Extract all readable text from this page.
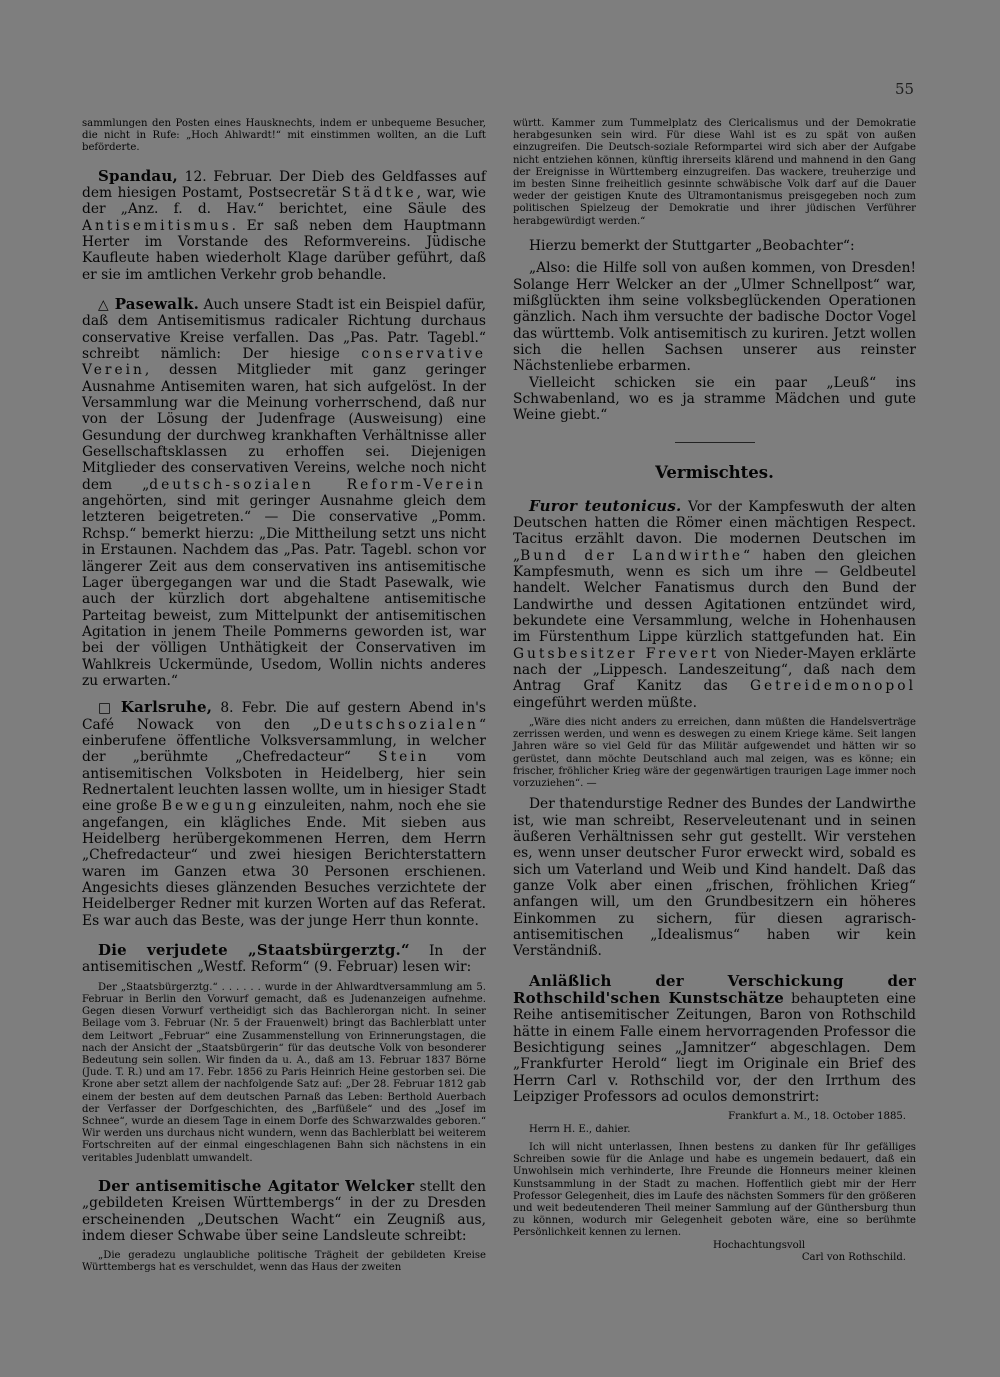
55

sammlungen den Posten eines Hausknechts, indem er unbequeme Besucher, die nicht in Rufe: „Hoch Ahlwardt!“ mit einstimmen wollten, an die Luft beförderte.

Spandau, 12. Februar. Der Dieb des Geldfasses auf dem hiesigen Postamt, Postsecretär Städtke, war, wie der „Anz. f. d. Hav.“ berichtet, eine Säule des Antisemitismus. Er saß neben dem Hauptmann Herter im Vorstande des Reformvereins. Jüdische Kaufleute haben wiederholt Klage darüber geführt, daß er sie im amtlichen Verkehr grob behandle.

△ Pasewalk. Auch unsere Stadt ist ein Beispiel dafür, daß dem Antisemitismus radicaler Richtung durchaus conservative Kreise verfallen. Das „Pas. Patr. Tagebl.“ schreibt nämlich: Der hiesige conservative Verein, dessen Mitglieder mit ganz geringer Ausnahme Antisemiten waren, hat sich aufgelöst. In der Versammlung war die Meinung vorherrschend, daß nur von der Lösung der Judenfrage (Ausweisung) eine Gesundung der durchweg krankhaften Verhältnisse aller Gesellschaftsklassen zu erhoffen sei. Diejenigen Mitglieder des conservativen Vereins, welche noch nicht dem „deutsch-sozialen Reform-Verein angehörten, sind mit geringer Ausnahme gleich dem letzteren beigetreten.“ — Die conservative „Pomm. Rchsp.“ bemerkt hierzu: „Die Mittheilung setzt uns nicht in Erstaunen. Nachdem das „Pas. Patr. Tagebl. schon vor längerer Zeit aus dem conservativen ins antisemitische Lager übergegangen war und die Stadt Pasewalk, wie auch der kürzlich dort abgehaltene antisemitische Parteitag beweist, zum Mittelpunkt der antisemitischen Agitation in jenem Theile Pommerns geworden ist, war bei der völligen Unthätigkeit der Conservativen im Wahlkreis Uckermünde, Usedom, Wollin nichts anderes zu erwarten.“

□ Karlsruhe, 8. Febr. Die auf gestern Abend in's Café Nowack von den „Deutschsozialen“ einberufene öffentliche Volksversammlung, in welcher der „berühmte „Chefredacteur“ Stein vom antisemitischen Volksboten in Heidelberg, hier sein Rednertalent leuchten lassen wollte, um in hiesiger Stadt eine große Bewegung einzuleiten, nahm, noch ehe sie angefangen, ein klägliches Ende. Mit sieben aus Heidelberg herübergekommenen Herren, dem Herrn „Chefredacteur“ und zwei hiesigen Berichterstattern waren im Ganzen etwa 30 Personen erschienen. Angesichts dieses glänzenden Besuches verzichtete der Heidelberger Redner mit kurzen Worten auf das Referat. Es war auch das Beste, was der junge Herr thun konnte.

Die verjudete „Staatsbürgerztg.“ In der antisemitischen „Westf. Reform“ (9. Februar) lesen wir:

Der „Staatsbürgerztg.“ . . . . . . wurde in der Ahlwardtversammlung am 5. Februar in Berlin den Vorwurf gemacht, daß es Judenanzeigen aufnehme. Gegen diesen Vorwurf vertheidigt sich das Bachlerorgan nicht. In seiner Beilage vom 3. Februar (Nr. 5 der Frauenwelt) bringt das Bachlerblatt unter dem Leitwort „Februar“ eine Zusammenstellung von Erinnerungstagen, die nach der Ansicht der „Staatsbürgerin“ für das deutsche Volk von besonderer Bedeutung sein sollen. Wir finden da u. A., daß am 13. Februar 1837 Börne (Jude. T. R.) und am 17. Febr. 1856 zu Paris Heinrich Heine gestorben sei. Die Krone aber setzt allem der nachfolgende Satz auf: „Der 28. Februar 1812 gab einem der besten auf dem deutschen Parnaß das Leben: Berthold Auerbach der Verfasser der Dorfgeschichten, des „Barfüßele“ und des „Josef im Schnee“, wurde an diesem Tage in einem Dorfe des Schwarzwaldes geboren.“ Wir werden uns durchaus nicht wundern, wenn das Bachlerblatt bei weiterem Fortschreiten auf der einmal eingeschlagenen Bahn sich nächstens in ein veritables Judenblatt umwandelt.

Der antisemitische Agitator Welcker stellt den „gebildeten Kreisen Württembergs“ in der zu Dresden erscheinenden „Deutschen Wacht“ ein Zeugniß aus, indem dieser Schwabe über seine Landsleute schreibt:

„Die geradezu unglaubliche politische Trägheit der gebildeten Kreise Württembergs hat es verschuldet, wenn das Haus der zweiten

württ. Kammer zum Tummelplatz des Clericalismus und der Demokratie herabgesunken sein wird. Für diese Wahl ist es zu spät von außen einzugreifen. Die Deutsch-soziale Reformpartei wird sich aber der Aufgabe nicht entziehen können, künftig ihrerseits klärend und mahnend in den Gang der Ereignisse in Württemberg einzugreifen. Das wackere, treuherzige und im besten Sinne freiheitlich gesinnte schwäbische Volk darf auf die Dauer weder der geistigen Knute des Ultramontanismus preisgegeben noch zum politischen Spielzeug der Demokratie und ihrer jüdischen Verführer herabgewürdigt werden.“

Hierzu bemerkt der Stuttgarter „Beobachter“:

„Also: die Hilfe soll von außen kommen, von Dresden! Solange Herr Welcker an der „Ulmer Schnellpost“ war, mißglückten ihm seine volksbeglückenden Operationen gänzlich. Nach ihm versuchte der badische Doctor Vogel das württemb. Volk antisemitisch zu kuriren. Jetzt wollen sich die hellen Sachsen unserer aus reinster Nächstenliebe erbarmen.

Vielleicht schicken sie ein paar „Leuß“ ins Schwabenland, wo es ja stramme Mädchen und gute Weine giebt.“

Vermischtes.

Furor teutonicus. Vor der Kampfeswuth der alten Deutschen hatten die Römer einen mächtigen Respect. Tacitus erzählt davon. Die modernen Deutschen im „Bund der Landwirthe“ haben den gleichen Kampfesmuth, wenn es sich um ihre — Geldbeutel handelt. Welcher Fanatismus durch den Bund der Landwirthe und dessen Agitationen entzündet wird, bekundete eine Versammlung, welche in Hohenhausen im Fürstenthum Lippe kürzlich stattgefunden hat. Ein Gutsbesitzer Frevert von Nieder-Mayen erklärte nach der „Lippesch. Landeszeitung“, daß nach dem Antrag Graf Kanitz das Getreidemonopol eingeführt werden müßte.

„Wäre dies nicht anders zu erreichen, dann müßten die Handelsverträge zerrissen werden, und wenn es deswegen zu einem Kriege käme. Seit langen Jahren wäre so viel Geld für das Militär aufgewendet und hätten wir so gerüstet, dann möchte Deutschland auch mal zeigen, was es könne; ein frischer, fröhlicher Krieg wäre der gegenwärtigen traurigen Lage immer noch vorzuziehen“. —

Der thatendurstige Redner des Bundes der Landwirthe ist, wie man schreibt, Reserveleutenant und in seinen äußeren Verhältnissen sehr gut gestellt. Wir verstehen es, wenn unser deutscher Furor erweckt wird, sobald es sich um Vaterland und Weib und Kind handelt. Daß das ganze Volk aber einen „frischen, fröhlichen Krieg“ anfangen will, um den Grundbesitzern ein höheres Einkommen zu sichern, für diesen agrarisch-antisemitischen „Idealismus“ haben wir kein Verständniß.

Anläßlich der Verschickung der Rothschild'schen Kunstschätze behaupteten eine Reihe antisemitischer Zeitungen, Baron von Rothschild hätte in einem Falle einem hervorragenden Professor die Besichtigung seines „Jamnitzer“ abgeschlagen. Dem „Frankfurter Herold“ liegt im Originale ein Brief des Herrn Carl v. Rothschild vor, der den Irrthum des Leipziger Professors ad oculos demonstrirt:

Frankfurt a. M., 18. October 1885.

Herrn H. E., dahier.

Ich will nicht unterlassen, Ihnen bestens zu danken für Ihr gefälliges Schreiben sowie für die Anlage und habe es ungemein bedauert, daß ein Unwohlsein mich verhinderte, Ihre Freunde die Honneurs meiner kleinen Kunstsammlung in der Stadt zu machen. Hoffentlich giebt mir der Herr Professor Gelegenheit, dies im Laufe des nächsten Sommers für den größeren und weit bedeutenderen Theil meiner Sammlung auf der Günthersburg thun zu können, wodurch mir Gelegenheit geboten wäre, eine so berühmte Persönlichkeit kennen zu lernen.

Hochachtungsvoll

Carl von Rothschild.
